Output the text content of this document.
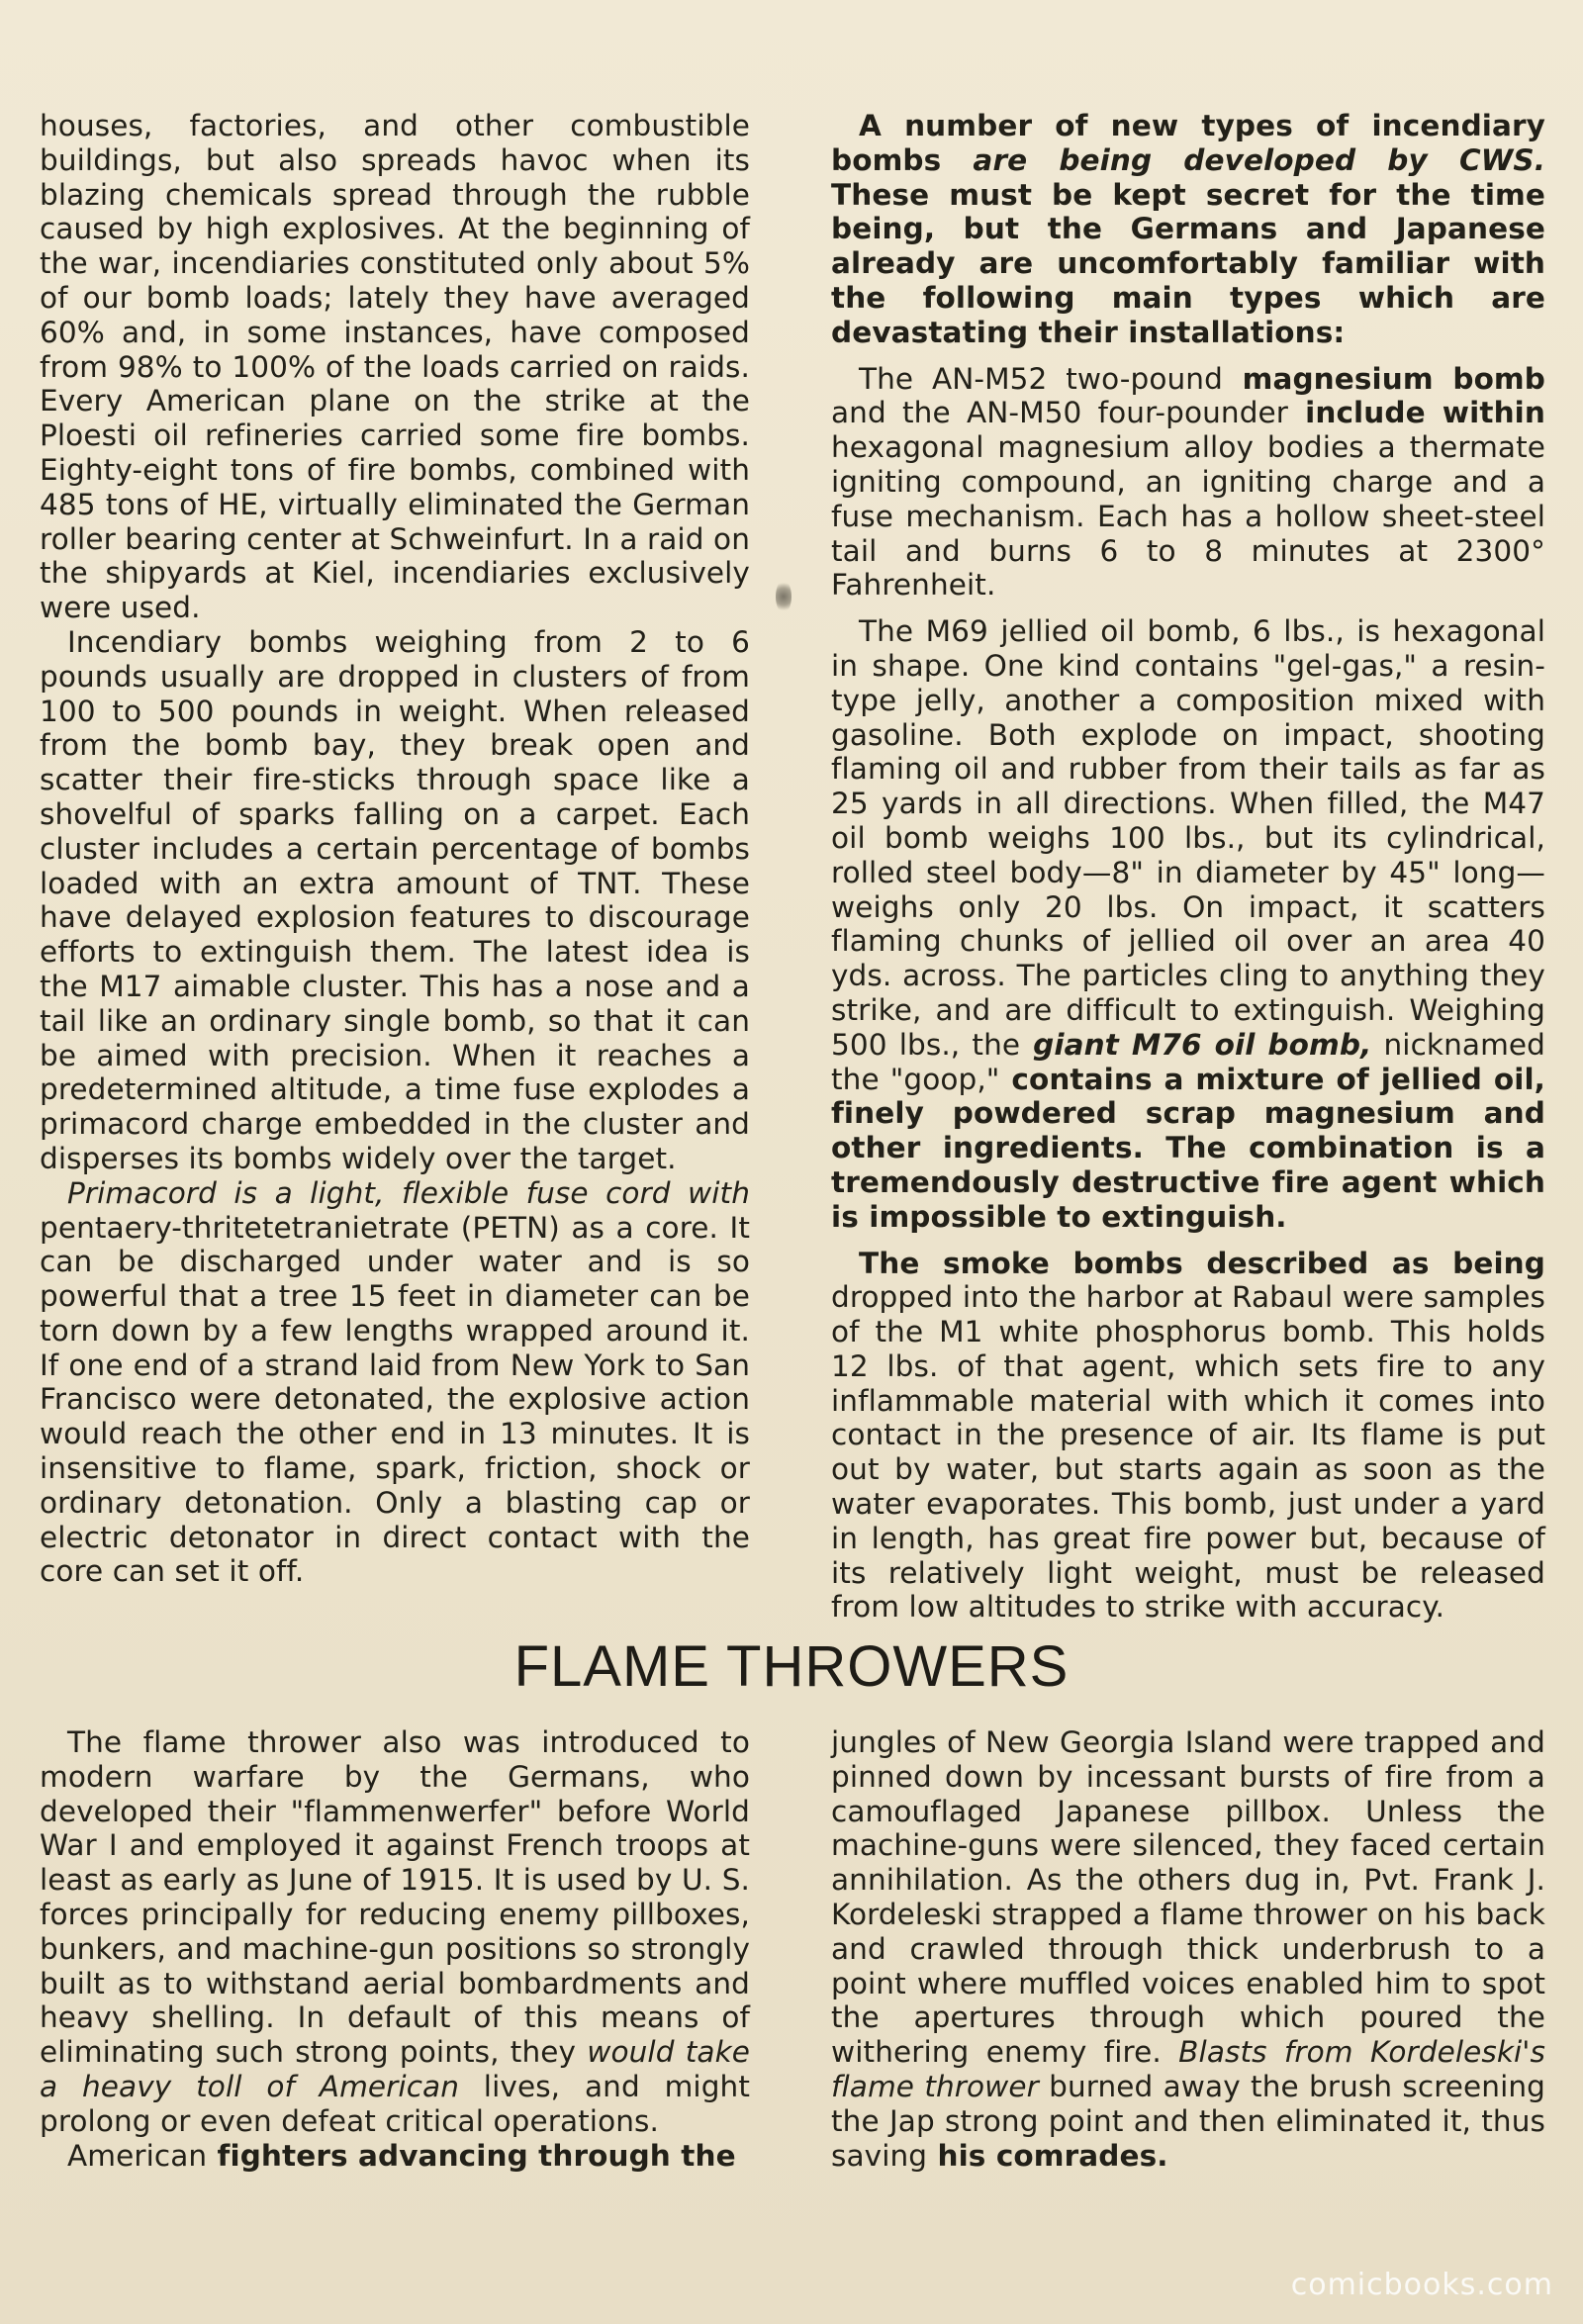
houses, factories, and other combustible buildings, but also spreads havoc when its blazing chemicals spread through the rubble caused by high explosives. At the beginning of the war, incendiaries constituted only about 5% of our bomb loads; lately they have averaged 60% and, in some instances, have composed from 98% to 100% of the loads carried on raids. Every American plane on the strike at the Ploesti oil refineries carried some fire bombs. Eighty-eight tons of fire bombs, combined with 485 tons of HE, virtually eliminated the German roller bearing center at Schweinfurt. In a raid on the shipyards at Kiel, incendiaries exclusively were used.

Incendiary bombs weighing from 2 to 6 pounds usually are dropped in clusters of from 100 to 500 pounds in weight. When released from the bomb bay, they break open and scatter their fire-sticks through space like a shovelful of sparks falling on a carpet. Each cluster includes a certain percentage of bombs loaded with an extra amount of TNT. These have delayed explosion features to discourage efforts to extinguish them. The latest idea is the M17 aimable cluster. This has a nose and a tail like an ordinary single bomb, so that it can be aimed with precision. When it reaches a predetermined altitude, a time fuse explodes a primacord charge embedded in the cluster and disperses its bombs widely over the target.

Primacord is a light, flexible fuse cord with pentaery-thritetetranietrate (PETN) as a core. It can be discharged under water and is so powerful that a tree 15 feet in diameter can be torn down by a few lengths wrapped around it. If one end of a strand laid from New York to San Francisco were detonated, the explosive action would reach the other end in 13 minutes. It is insensitive to flame, spark, friction, shock or ordinary detonation. Only a blasting cap or electric detonator in direct contact with the core can set it off.

A number of new types of incendiary bombs are being developed by CWS. These must be kept secret for the time being, but the Germans and Japanese already are uncomfortably familiar with the following main types which are devastating their installations:

The AN-M52 two-pound magnesium bomb and the AN-M50 four-pounder include within hexagonal magnesium alloy bodies a thermate igniting compound, an igniting charge and a fuse mechanism. Each has a hollow sheet-steel tail and burns 6 to 8 minutes at 2300° Fahrenheit.

The M69 jellied oil bomb, 6 lbs., is hexagonal in shape. One kind contains "gel-gas," a resin-type jelly, another a composition mixed with gasoline. Both explode on impact, shooting flaming oil and rubber from their tails as far as 25 yards in all directions. When filled, the M47 oil bomb weighs 100 lbs., but its cylindrical, rolled steel body—8" in diameter by 45" long—weighs only 20 lbs. On impact, it scatters flaming chunks of jellied oil over an area 40 yds. across. The particles cling to anything they strike, and are difficult to extinguish. Weighing 500 lbs., the giant M76 oil bomb, nicknamed the "goop," contains a mixture of jellied oil, finely powdered scrap magnesium and other ingredients. The combination is a tremendously destructive fire agent which is impossible to extinguish.

The smoke bombs described as being dropped into the harbor at Rabaul were samples of the M1 white phosphorus bomb. This holds 12 lbs. of that agent, which sets fire to any inflammable material with which it comes into contact in the presence of air. Its flame is put out by water, but starts again as soon as the water evaporates. This bomb, just under a yard in length, has great fire power but, because of its relatively light weight, must be released from low altitudes to strike with accuracy.

FLAME THROWERS

The flame thrower also was introduced to modern warfare by the Germans, who developed their "flammenwerfer" before World War I and employed it against French troops at least as early as June of 1915. It is used by U. S. forces principally for reducing enemy pillboxes, bunkers, and machine-gun positions so strongly built as to withstand aerial bombardments and heavy shelling. In default of this means of eliminating such strong points, they would take a heavy toll of American lives, and might prolong or even defeat critical operations.

American fighters advancing through the

jungles of New Georgia Island were trapped and pinned down by incessant bursts of fire from a camouflaged Japanese pillbox. Unless the machine-guns were silenced, they faced certain annihilation. As the others dug in, Pvt. Frank J. Kordeleski strapped a flame thrower on his back and crawled through thick underbrush to a point where muffled voices enabled him to spot the apertures through which poured the withering enemy fire. Blasts from Kordeleski's flame thrower burned away the brush screening the Jap strong point and then eliminated it, thus saving his comrades.

comicbooks.com
